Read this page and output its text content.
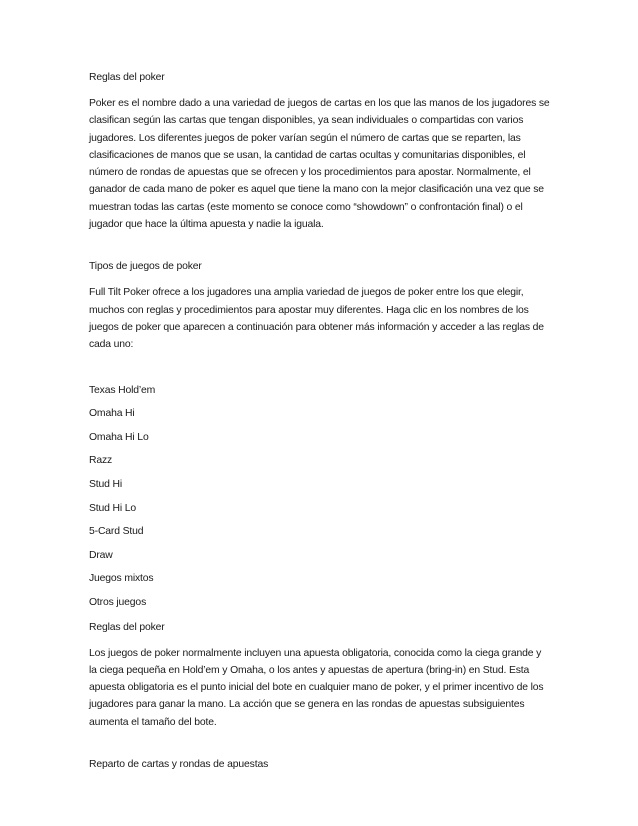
Reglas del poker

Poker es el nombre dado a una variedad de juegos de cartas en los que las manos de los jugadores se clasifican según las cartas que tengan disponibles, ya sean individuales o compartidas con varios jugadores. Los diferentes juegos de poker varían según el número de cartas que se reparten, las clasificaciones de manos que se usan, la cantidad de cartas ocultas y comunitarias disponibles, el número de rondas de apuestas que se ofrecen y los procedimientos para apostar. Normalmente, el ganador de cada mano de poker es aquel que tiene la mano con la mejor clasificación una vez que se muestran todas las cartas (este momento se conoce como “showdown” o confrontación final) o el jugador que hace la última apuesta y nadie la iguala.

Tipos de juegos de poker

Full Tilt Poker ofrece a los jugadores una amplia variedad de juegos de poker entre los que elegir, muchos con reglas y procedimientos para apostar muy diferentes. Haga clic en los nombres de los juegos de poker que aparecen a continuación para obtener más información y acceder a las reglas de cada uno:

Texas Hold’em
Omaha Hi
Omaha Hi Lo
Razz
Stud Hi
Stud Hi Lo
5-Card Stud
Draw
Juegos mixtos
Otros juegos

Reglas del poker

Los juegos de poker normalmente incluyen una apuesta obligatoria, conocida como la ciega grande y la ciega pequeña en Hold’em y Omaha, o los antes y apuestas de apertura (bring-in) en Stud. Esta apuesta obligatoria es el punto inicial del bote en cualquier mano de poker, y el primer incentivo de los jugadores para ganar la mano. La acción que se genera en las rondas de apuestas subsiguientes aumenta el tamaño del bote.

Reparto de cartas y rondas de apuestas
